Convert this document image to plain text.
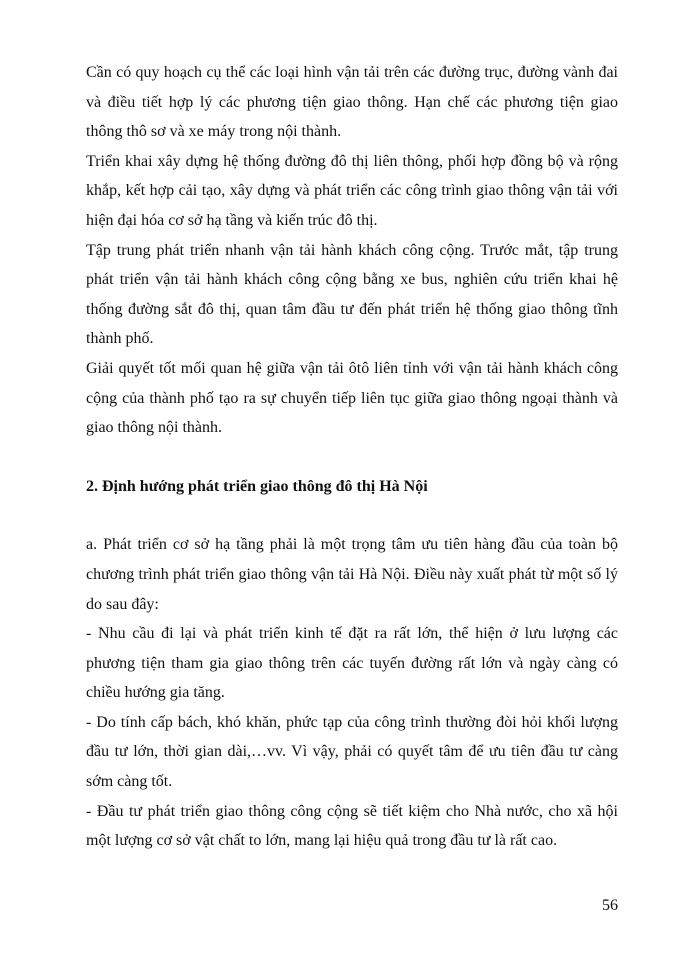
Cần có quy hoạch cụ thể các loại hình vận tải trên các đường trục, đường vành đai và điều tiết hợp lý các phương tiện giao thông. Hạn chế các phương tiện giao thông thô sơ và xe máy trong nội thành.

Triển khai xây dựng hệ thống đường đô thị liên thông, phối hợp đồng bộ và rộng khắp, kết hợp cải tạo, xây dựng và phát triển các công trình giao thông vận tải với hiện đại hóa cơ sở hạ tầng và kiến trúc đô thị.

Tập trung phát triển nhanh vận tải hành khách công cộng. Trước mắt, tập trung phát triển vận tải hành khách công cộng bằng xe bus, nghiên cứu triển khai hệ thống đường sắt đô thị, quan tâm đầu tư đến phát triển hệ thống giao thông tĩnh thành phố.

Giải quyết tốt mối quan hệ giữa vận tải ôtô liên tỉnh với vận tải hành khách công cộng của thành phố tạo ra sự chuyển tiếp liên tục giữa giao thông ngoại thành và giao thông nội thành.

2. Định hướng phát triển giao thông đô thị Hà Nội

a. Phát triển cơ sở hạ tầng phải là một trọng tâm ưu tiên hàng đầu của toàn bộ chương trình phát triển giao thông vận tải Hà Nội. Điều này xuất phát từ một số lý do sau đây:

- Nhu cầu đi lại và phát triển kinh tế đặt ra rất lớn, thể hiện ở lưu lượng các phương tiện tham gia giao thông trên các tuyến đường rất lớn và ngày càng có chiều hướng gia tăng.

- Do tính cấp bách, khó khăn, phức tạp của công trình thường đòi hỏi khối lượng đầu tư lớn, thời gian dài,…vv. Vì vậy, phải có quyết tâm để ưu tiên đầu tư càng sớm càng tốt.

- Đầu tư phát triển giao thông công cộng sẽ tiết kiệm cho Nhà nước, cho xã hội một lượng cơ sở vật chất to lớn, mang lại hiệu quả trong đầu tư là rất cao.

56
